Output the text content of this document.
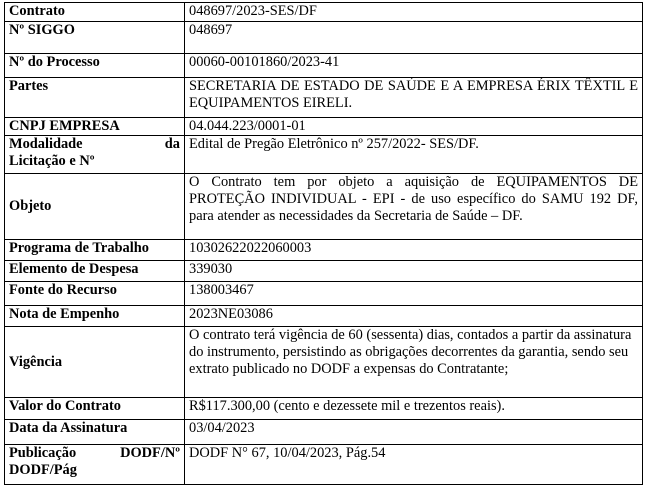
Contrato	048697/2023-SES/DF
Nº SIGGO	048697
Nº do Processo	00060-00101860/2023-41
Partes	SECRETARIA DE ESTADO DE SAÚDE E A EMPRESA ÉRIX TÊXTIL E EQUIPAMENTOS EIRELI.
CNPJ EMPRESA	04.044.223/0001-01

Modalidade da
Licitação e Nº	Edital de Pregão Eletrônico nº 257/2022- SES/DF.
Objeto	O Contrato tem por objeto a aquisição de EQUIPAMENTOS DE PROTEÇÃO INDIVIDUAL - EPI - de uso específico do SAMU 192 DF, para atender as necessidades da Secretaria de Saúde – DF.
Programa de Trabalho	10302622022060003
Elemento de Despesa	339030
Fonte do Recurso	138003467
Nota de Empenho	2023NE03086
Vigência	O contrato terá vigência de 60 (sessenta) dias, contados a partir da assinatura do instrumento, persistindo as obrigações decorrentes da garantia, sendo seu extrato publicado no DODF a expensas do Contratante;
Valor do Contrato	R$117.300,00 (cento e dezessete mil e trezentos reais).
Data da Assinatura	03/04/2023

Publicação DODF/Nº
DODF/Pág	DODF N° 67, 10/04/2023, Pág.54
